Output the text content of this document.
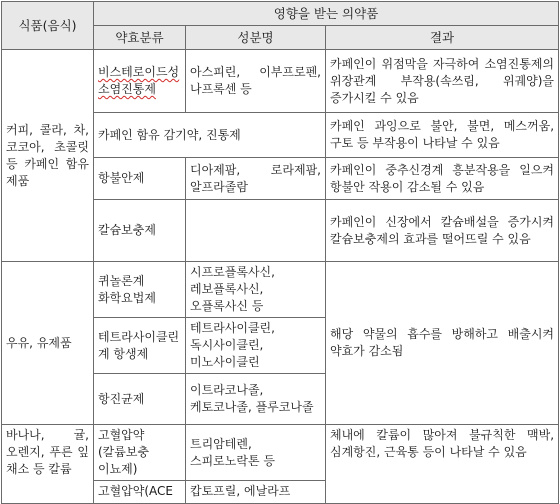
식품(음식)	영향을 받는 의약품		
	약효분류	성분명	결과
커피, 콜라, 차, 코코아, 초콜릿 등 카페인 함유 제품	비스테로이드성 소염진통제	아스피린, 이부프로펜, 나프록센 등	카페인이 위점막을 자극하여 소염진통제의 위장관계 부작용(속쓰림, 위궤양)을 증가시킬 수 있음
	카페인 함유 감기약, 진통제		카페인 과잉으로 불안, 불면, 메스꺼움, 구토 등 부작용이 나타날 수 있음
	항불안제	디아제팜, 로라제팜, 알프라졸람	카페인이 중추신경계 흥분작용을 일으켜 항불안 작용이 감소될 수 있음
	칼슘보충제		카페인이 신장에서 칼슘배설을 증가시켜 칼슘보충제의 효과를 떨어뜨릴 수 있음
우유, 유제품	퀴놀론계 화학요법제	시프로플록사신, 레보플록사신, 오플록사신 등	해당 약물의 흡수를 방해하고 배출시켜 약효가 감소됨
	테트라사이클린계 항생제	테트라사이클린, 독시사이클린, 미노사이클린	
	항진균제	이트라코나졸, 케토코나졸, 플루코나졸	
바나나, 귤, 오렌지, 푸른 잎 채소 등 칼륨	고혈압약(칼륨보충 이뇨제)	트리암테렌, 스피로노락톤 등	체내에 칼륨이 많아져 불규칙한 맥박, 심계항진, 근육통 등이 나타날 수 있음

	고혈압약(ACE	캅토프릴, 에날라프	
